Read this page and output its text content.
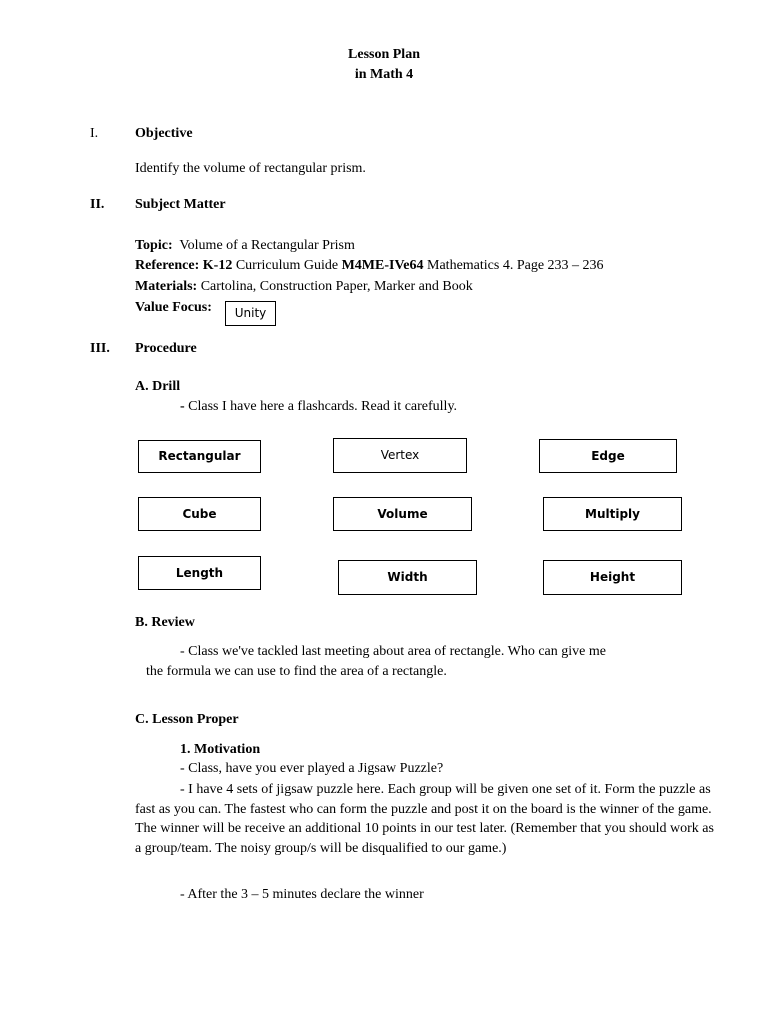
Lesson Plan
in Math 4
I.	Objective
Identify the volume of rectangular prism.
II. Subject Matter
Topic: Volume of a Rectangular Prism
Reference: K-12 Curriculum Guide M4ME-IVe64 Mathematics 4. Page 233 – 236
Materials: Cartolina, Construction Paper, Marker and Book
Value Focus: Unity
III. Procedure
A. Drill
- Class I have here a flashcards. Read it carefully.
Rectangular	Vertex	Edge
Cube	Volume	Multiply
Length	Width	Height
B. Review
- Class we've tackled last meeting about area of rectangle. Who can give me
the formula we can use to find the area of a rectangle.
C. Lesson Proper
1. Motivation
- Class, have you ever played a Jigsaw Puzzle?
- I have 4 sets of jigsaw puzzle here. Each group will be given one set of it. Form the puzzle as fast as you can. The fastest who can form the puzzle and post it on the board is the winner of the game. The winner will be receive an additional 10 points in our test later. (Remember that you should work as a group/team. The noisy group/s will be disqualified to our game.)
- After the 3 – 5 minutes declare the winner
